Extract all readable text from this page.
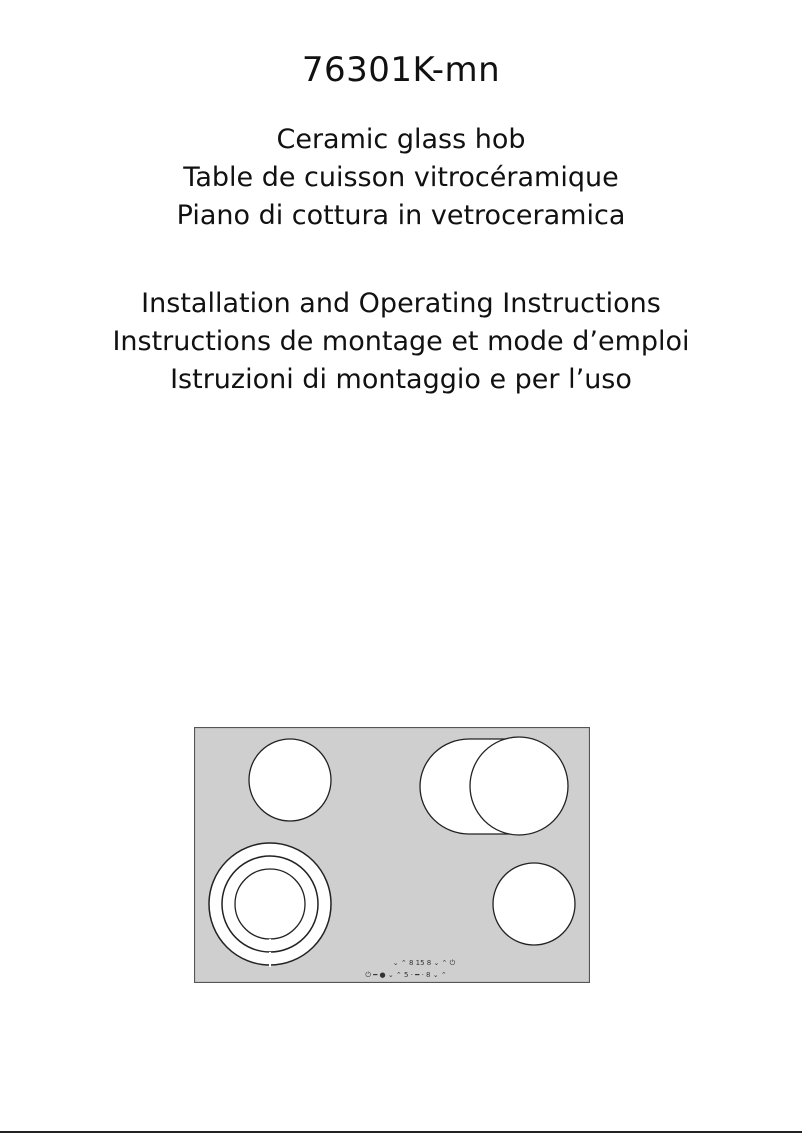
76301K-mn
Ceramic glass hob
Table de cuisson vitrocéramique
Piano di cottura in vetroceramica
Installation and Operating Instructions
Instructions de montage et mode d’emploi
Istruzioni di montaggio e per l’uso
⌄ ⌃ 8 15 8 ⌄ ⌃ ⏻
⏻ ━ ● ⌄ ⌃ 5 · ━ · 8 ⌄ ⌃
